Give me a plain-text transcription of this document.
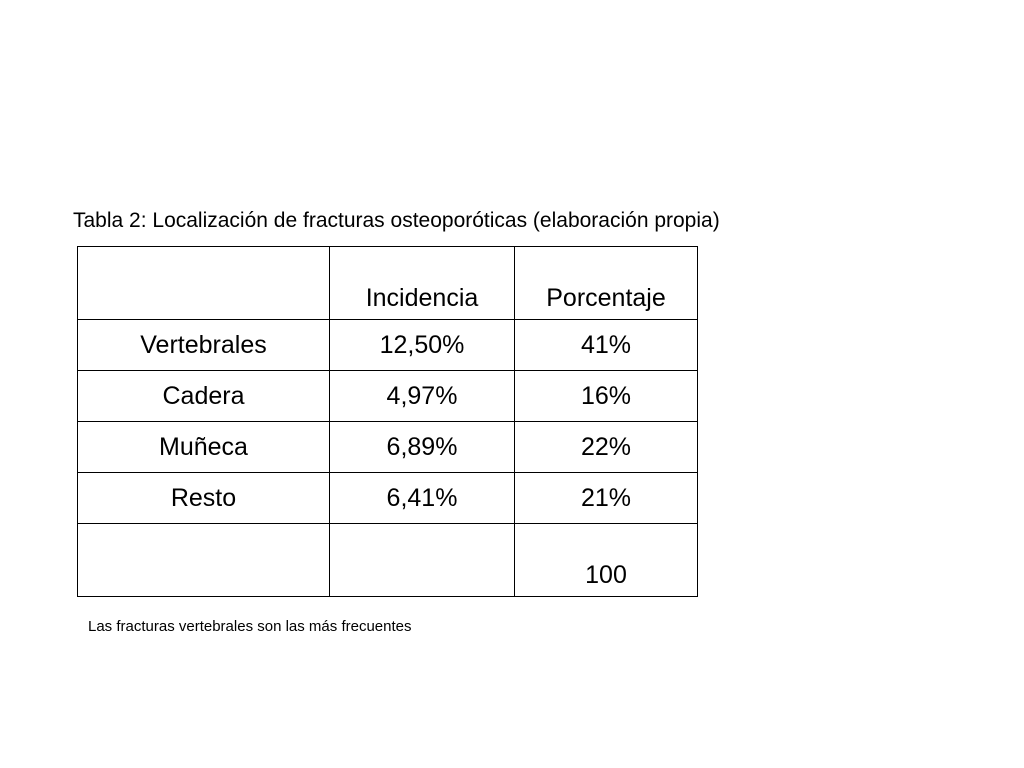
Tabla 2: Localización de fracturas osteoporóticas (elaboración propia)
	Incidencia	Porcentaje
Vertebrales	12,50%	41%
Cadera	4,97%	16%
Muñeca	6,89%	22%
Resto	6,41%	21%
		100
Las fracturas vertebrales son las más frecuentes
